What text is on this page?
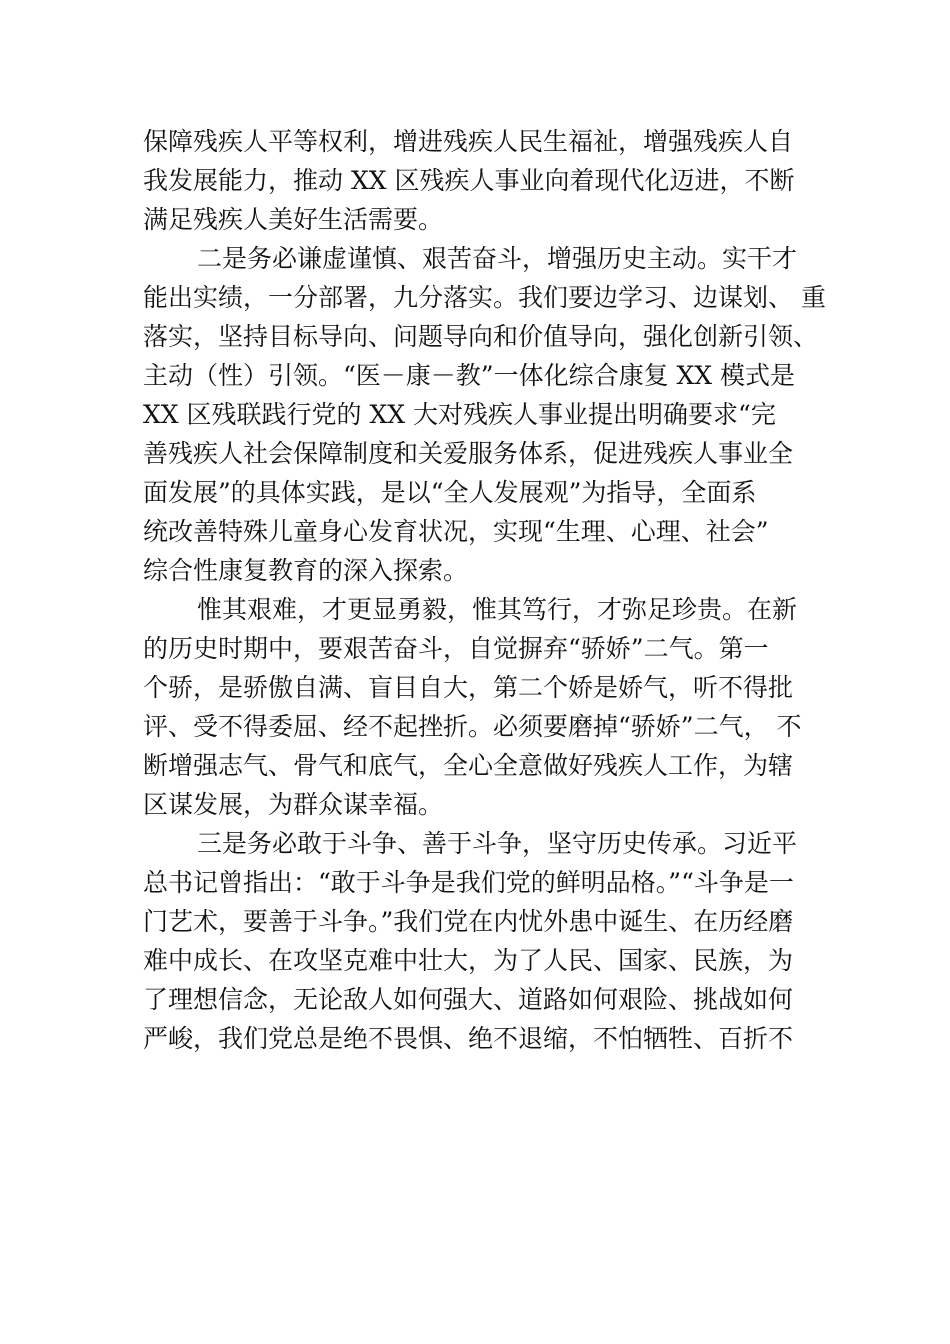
保障残疾人平等权利，增进残疾人民生福祉，增强残疾人自
我发展能力，推动 XX 区残疾人事业向着现代化迈进，不断
满足残疾人美好生活需要。
二是务必谦虚谨慎、艰苦奋斗，增强历史主动。实干才
能出实绩，一分部署，九分落实。我们要边学习、边谋划、 重
落实，坚持目标导向、问题导向和价值导向，强化创新引领、
主动（性）引领。“医－康－教”一体化综合康复 XX 模式是
XX 区残联践行党的 XX 大对残疾人事业提出明确要求“完
善残疾人社会保障制度和关爱服务体系，促进残疾人事业全
面发展”的具体实践，是以“全人发展观”为指导，全面系
统改善特殊儿童身心发育状况，实现“生理、心理、社会”
综合性康复教育的深入探索。
惟其艰难，才更显勇毅，惟其笃行，才弥足珍贵。在新
的历史时期中，要艰苦奋斗，自觉摒弃“骄娇”二气。第一
个骄，是骄傲自满、盲目自大，第二个娇是娇气，听不得批
评、受不得委屈、经不起挫折。必须要磨掉“骄娇”二气， 不
断增强志气、骨气和底气，全心全意做好残疾人工作，为辖
区谋发展，为群众谋幸福。
三是务必敢于斗争、善于斗争，坚守历史传承。习近平
总书记曾指出：“敢于斗争是我们党的鲜明品格。”“斗争是一
门艺术，要善于斗争。”我们党在内忧外患中诞生、在历经磨
难中成长、在攻坚克难中壮大，为了人民、国家、民族，为
了理想信念，无论敌人如何强大、道路如何艰险、挑战如何
严峻，我们党总是绝不畏惧、绝不退缩，不怕牺牲、百折不
